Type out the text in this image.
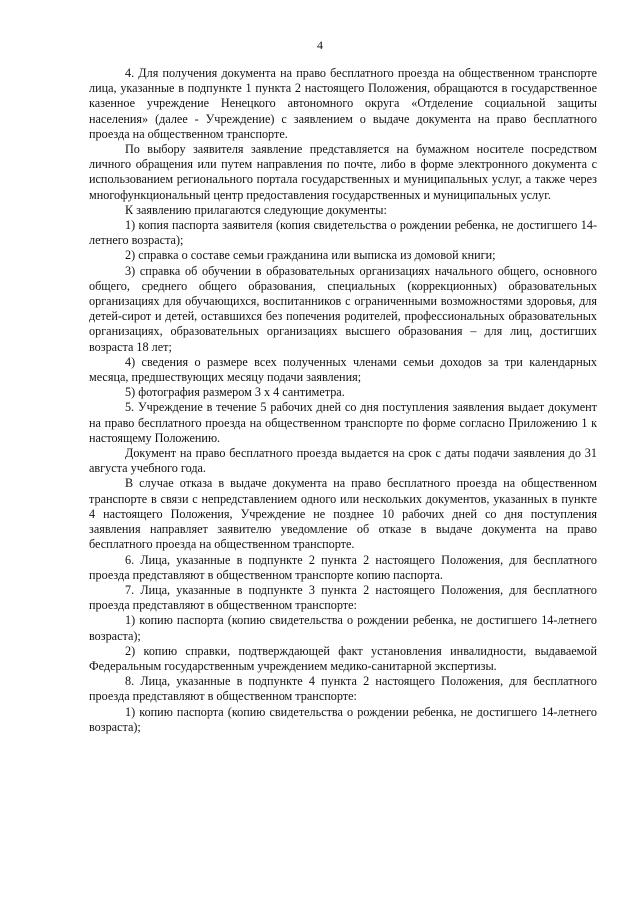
4

4. Для получения документа на право бесплатного проезда на общественном транспорте лица, указанные в подпункте 1 пункта 2 настоящего Положения, обращаются в государственное казенное учреждение Ненецкого автономного округа «Отделение социальной защиты населения» (далее - Учреждение) с заявлением о выдаче документа на право бесплатного проезда на общественном транспорте.

По выбору заявителя заявление представляется на бумажном носителе посредством личного обращения или путем направления по почте, либо в форме электронного документа с использованием регионального портала государственных и муниципальных услуг, а также через многофункциональный центр предоставления государственных и муниципальных услуг.

К заявлению прилагаются следующие документы:

1) копия паспорта заявителя (копия свидетельства о рождении ребенка, не достигшего 14-летнего возраста);

2) справка о составе семьи гражданина или выписка из домовой книги;

3) справка об обучении в образовательных организациях начального общего, основного общего, среднего общего образования, специальных (коррекционных) образовательных организациях для обучающихся, воспитанников с ограниченными возможностями здоровья, для детей-сирот и детей, оставшихся без попечения родителей, профессиональных образовательных организациях, образовательных организациях высшего образования – для лиц, достигших возраста 18 лет;

4) сведения о размере всех полученных членами семьи доходов за три календарных месяца, предшествующих месяцу подачи заявления;

5) фотография размером 3 х 4 сантиметра.

5. Учреждение в течение 5 рабочих дней со дня поступления заявления выдает документ на право бесплатного проезда на общественном транспорте по форме согласно Приложению 1 к настоящему Положению.

Документ на право бесплатного проезда выдается на срок с даты подачи заявления до 31 августа учебного года.

В случае отказа в выдаче документа на право бесплатного проезда на общественном транспорте в связи с непредставлением одного или нескольких документов, указанных в пункте 4 настоящего Положения, Учреждение не позднее 10 рабочих дней со дня поступления заявления направляет заявителю уведомление об отказе в выдаче документа на право бесплатного проезда на общественном транспорте.

6. Лица, указанные в подпункте 2 пункта 2 настоящего Положения, для бесплатного проезда представляют в общественном транспорте копию паспорта.

7. Лица, указанные в подпункте 3 пункта 2 настоящего Положения, для бесплатного проезда представляют в общественном транспорте:

1) копию паспорта (копию свидетельства о рождении ребенка, не достигшего 14-летнего возраста);

2) копию справки, подтверждающей факт установления инвалидности, выдаваемой Федеральным государственным учреждением медико-санитарной экспертизы.

8. Лица, указанные в подпункте 4 пункта 2 настоящего Положения, для бесплатного проезда представляют в общественном транспорте:

1) копию паспорта (копию свидетельства о рождении ребенка, не достигшего 14-летнего возраста);
